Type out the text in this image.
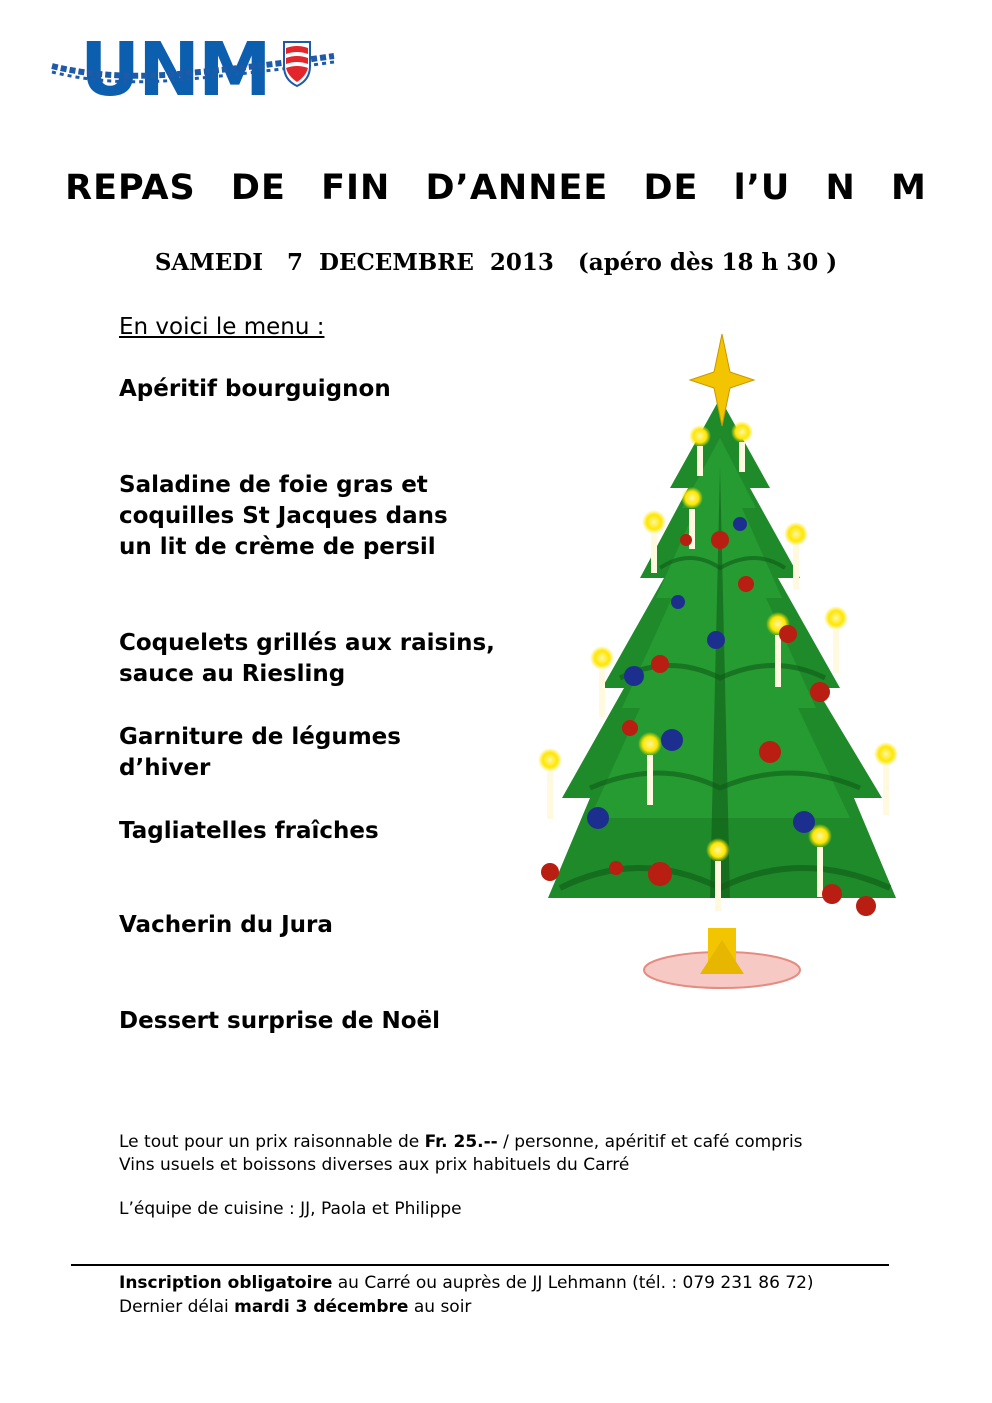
UNM
REPAS DE FIN D’ANNEE DE l’U N M
SAMEDI   7  DECEMBRE  2013   (apéro dès 18 h 30 )
En voici le menu :
Apéritif bourguignon
Saladine de foie gras et
coquilles St Jacques dans
un lit de crème de persil
Coquelets grillés aux raisins,
sauce au Riesling
Garniture de légumes
d’hiver
Tagliatelles fraîches
Vacherin du Jura
Dessert surprise de Noël
Le tout pour un prix raisonnable de Fr. 25.-- / personne, apéritif et café compris
Vins usuels et boissons diverses aux prix habituels du Carré
L’équipe de cuisine : JJ, Paola et Philippe
Inscription obligatoire au Carré ou auprès de JJ Lehmann (tél. : 079 231 86 72)
Dernier délai mardi 3 décembre au soir
